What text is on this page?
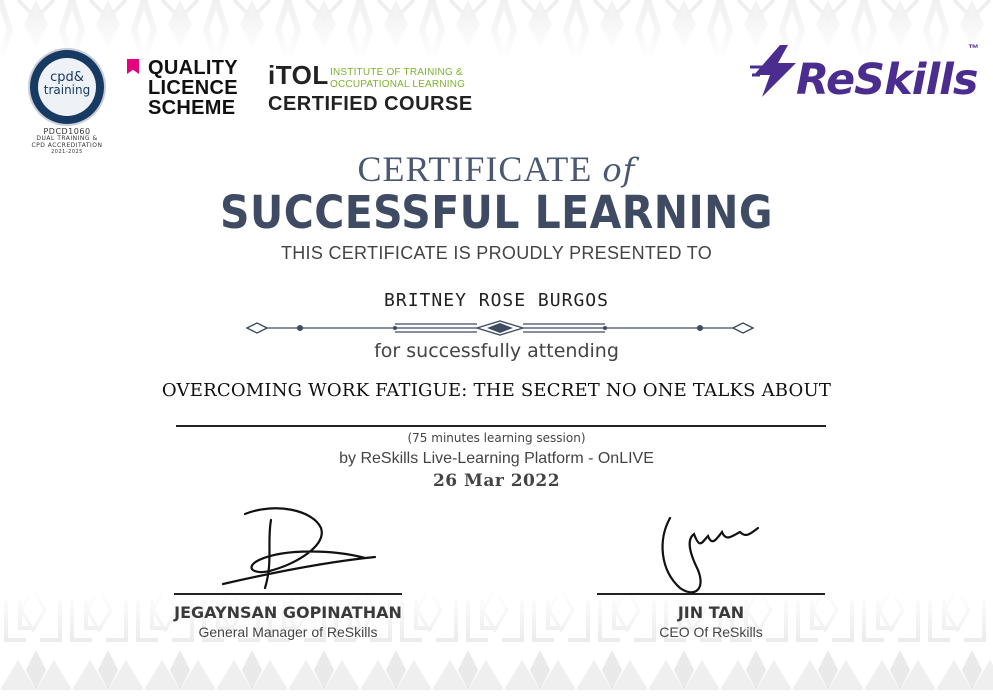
cpd&
training
PDCD1060
DUAL TRAINING &
CPD ACCREDITATION
2021-2025
QUALITY
LICENCE
SCHEME
iTOL INSTITUTE OF TRAINING &
OCCUPATIONAL LEARNING
CERTIFIED COURSE	ReSkills
™
CERTIFICATE of
SUCCESSFUL LEARNING
THIS CERTIFICATE IS PROUDLY PRESENTED TO
BRITNEY ROSE BURGOS
for successfully attending
OVERCOMING WORK FATIGUE: THE SECRET NO ONE TALKS ABOUT
(75 minutes learning session)
by ReSkills Live-Learning Platform - OnLIVE
26 Mar 2022
JEGAYNSAN GOPINATHAN
General Manager of ReSkills
JIN TAN
CEO Of ReSkills
